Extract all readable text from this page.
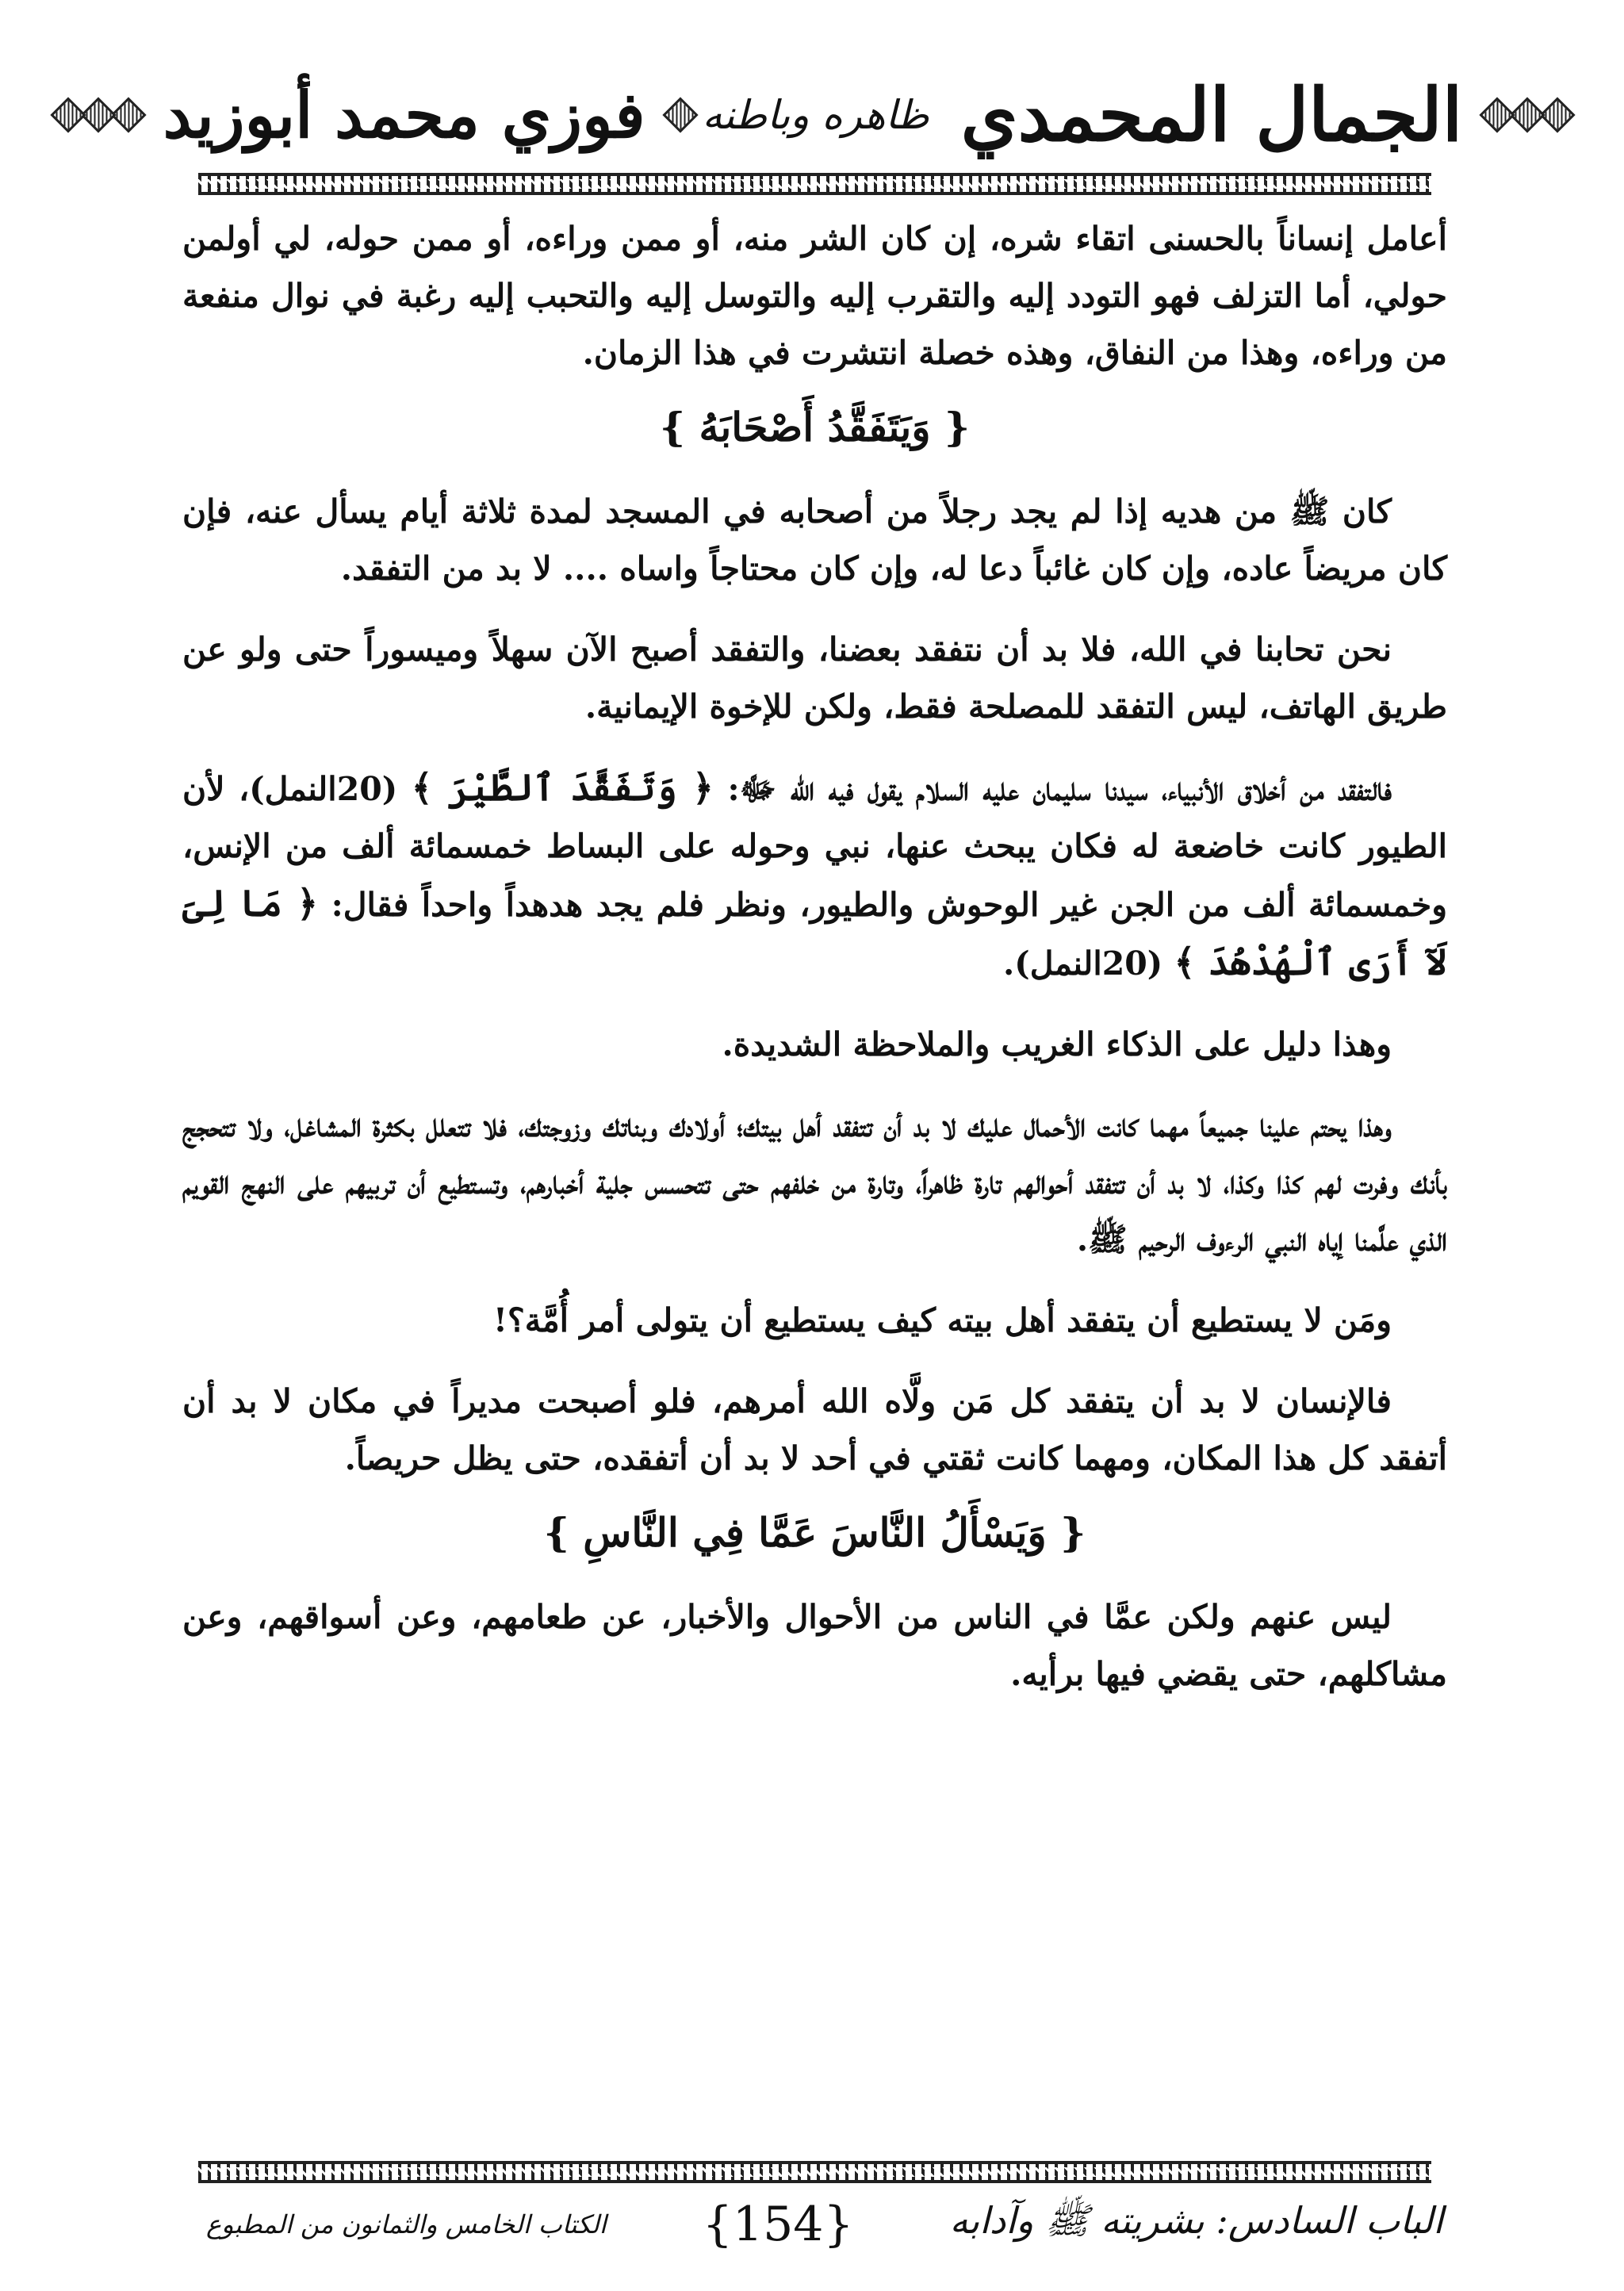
الجمال المحمدي
ظاهره وباطنه
فوزي محمد أبوزيد

أعامل إنساناً بالحسنى اتقاء شره، إن كان الشر منه، أو ممن وراءه، أو ممن حوله، لي أولمن حولي، أما التزلف فهو التودد إليه والتقرب إليه والتوسل إليه والتحبب إليه رغبة في نوال منفعة من وراءه، وهذا من النفاق، وهذه خصلة انتشرت في هذا الزمان.

{ وَيَتَفَقَّدُ أَصْحَابَهُ }

كان ﷺ من هديه إذا لم يجد رجلاً من أصحابه في المسجد لمدة ثلاثة أيام يسأل عنه، فإن كان مريضاً عاده، وإن كان غائباً دعا له، وإن كان محتاجاً واساه .... لا بد من التفقد.

نحن تحابنا في الله، فلا بد أن نتفقد بعضنا، والتفقد أصبح الآن سهلاً وميسوراً حتى ولو عن طريق الهاتف، ليس التفقد للمصلحة فقط، ولكن للإخوة الإيمانية.

فالتفقد من أخلاق الأنبياء، سيدنا سليمان عليه السلام يقول فيه الله ﷻ: ﴿ وَتَفَقَّدَ ٱلطَّيْرَ ﴾ (20النمل)، لأن الطيور كانت خاضعة له فكان يبحث عنها، نبي وحوله على البساط خمسمائة ألف من الإنس، وخمسمائة ألف من الجن غير الوحوش والطيور، ونظر فلم يجد هدهداً واحداً فقال: ﴿ مَا لِىَ لَآ أَرَى ٱلْهُدْهُدَ ﴾ (20النمل).

وهذا دليل على الذكاء الغريب والملاحظة الشديدة.

وهذا يحتم علينا جميعاً مهما كانت الأحمال عليك لا بد أن تتفقد أهل بيتك؛ أولادك وبناتك وزوجتك، فلا تتعلل بكثرة المشاغل، ولا تتحجج بأنك وفرت لهم كذا وكذا، لا بد أن تتفقد أحوالهم تارة ظاهراً، وتارة من خلفهم حتى تتحسس جلية أخبارهم، وتستطيع أن تربيهم على النهج القويم الذي علَّمنا إياه النبي الرءوف الرحيم ﷺ.

ومَن لا يستطيع أن يتفقد أهل بيته كيف يستطيع أن يتولى أمر أُمَّة؟!

فالإنسان لا بد أن يتفقد كل مَن ولَّاه الله أمرهم، فلو أصبحت مديراً في مكان لا بد أن أتفقد كل هذا المكان، ومهما كانت ثقتي في أحد لا بد أن أتفقده، حتى يظل حريصاً.

{ وَيَسْأَلُ النَّاسَ عَمَّا فِي النَّاسِ }

ليس عنهم ولكن عمَّا في الناس من الأحوال والأخبار، عن طعامهم، وعن أسواقهم، وعن مشاكلهم، حتى يقضي فيها برأيه.

الباب السادس: بشريته ﷺ وآدابه
{154}
الكتاب الخامس والثمانون من المطبوع
